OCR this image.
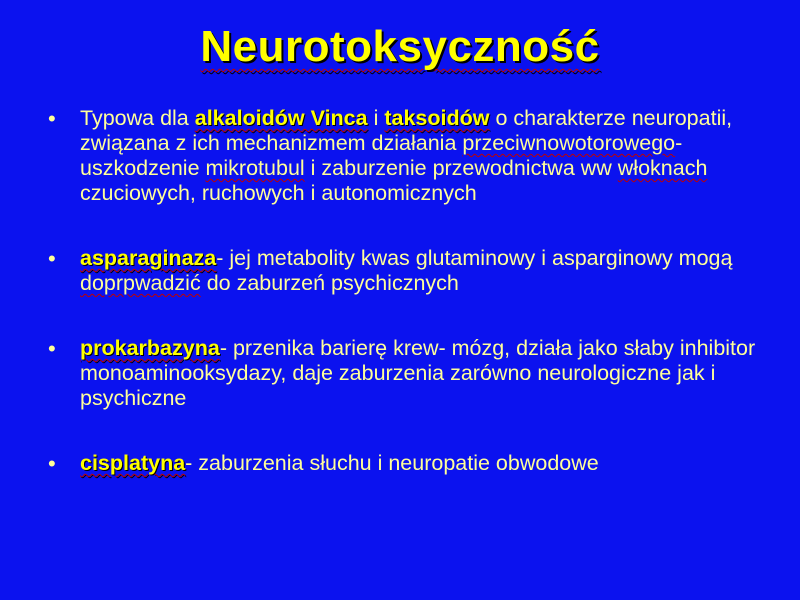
Neurotoksyczność
• Typowa dla alkaloidów Vinca i taksoidów o charakterze neuropatii, związana z ich mechanizmem działania przeciwnowotorowego- uszkodzenie mikrotubul i zaburzenie przewodnictwa ww włoknach czuciowych, ruchowych i autonomicznych
• asparaginaza- jej metabolity kwas glutaminowy i asparginowy mogą doprpwadzić do zaburzeń psychicznych
• prokarbazyna- przenika barierę krew- mózg, działa jako słaby inhibitor monoaminooksydazy, daje zaburzenia zarówno neurologiczne jak i psychiczne
• cisplatyna- zaburzenia słuchu i neuropatie obwodowe
